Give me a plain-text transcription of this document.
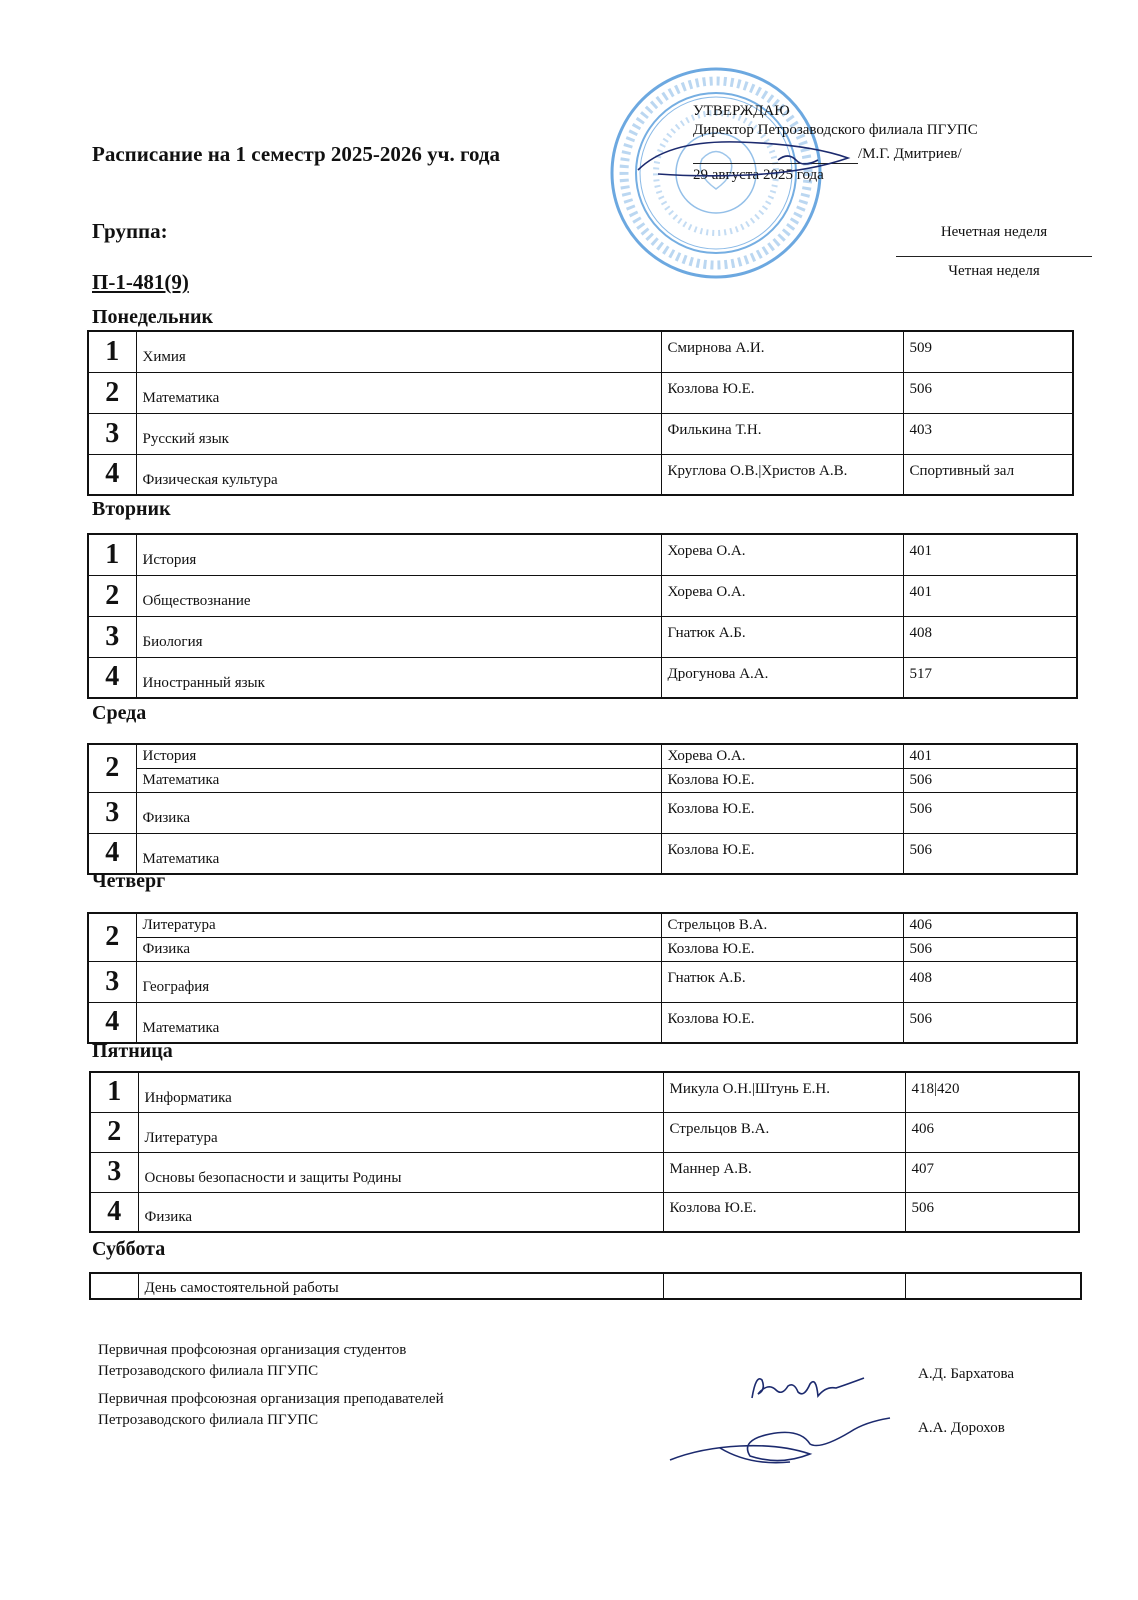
Расписание на 1 семестр 2025-2026 уч. года
Группа:
П-1-481(9)
УТВЕРЖДАЮ
Директор Петрозаводского филиала ПГУПС
/М.Г. Дмитриев/
29 августа 2025 года
Нечетная неделя
Четная неделя
Понедельник
1	Химия	Смирнова А.И.	509
2	Математика	Козлова Ю.Е.	506
3	Русский язык	Филькина Т.Н.	403
4	Физическая культура	Круглова О.В.|Христов А.В.	Спортивный зал
Вторник
1	История	Хорева О.А.	401
2	Обществознание	Хорева О.А.	401
3	Биология	Гнатюк А.Б.	408
4	Иностранный язык	Дрогунова А.А.	517
Среда
2	История	Хорева О.А.	401
	Математика	Козлова Ю.Е.	506
3	Физика	Козлова Ю.Е.	506
4	Математика	Козлова Ю.Е.	506
Четверг
2	Литература	Стрельцов В.А.	406
	Физика	Козлова Ю.Е.	506
3	География	Гнатюк А.Б.	408
4	Математика	Козлова Ю.Е.	506
Пятница
1	Информатика	Микула О.Н.|Штунь Е.Н.	418|420
2	Литература	Стрельцов В.А.	406
3	Основы безопасности и защиты Родины	Маннер А.В.	407
4	Физика	Козлова Ю.Е.	506
Суббота
	День самостоятельной работы		
Первичная профсоюзная организация студентов
Петрозаводского филиала ПГУПС
Первичная профсоюзная организация преподавателей
Петрозаводского филиала ПГУПС
А.Д. Бархатова
А.А. Дорохов
